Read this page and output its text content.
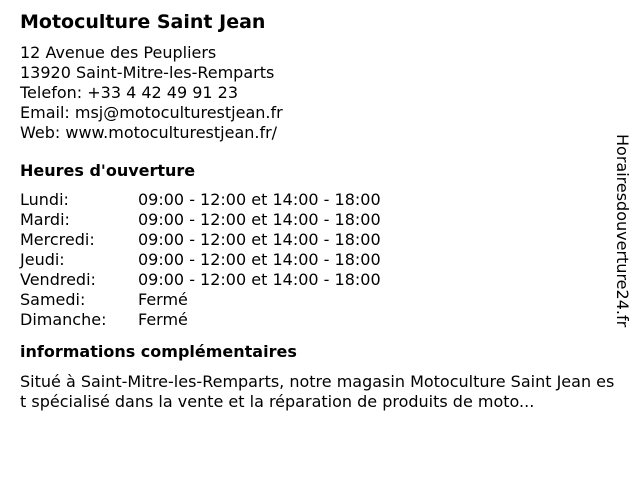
Motoculture Saint Jean
12 Avenue des Peupliers
13920 Saint-Mitre-les-Remparts
Telefon: +33 4 42 49 91 23
Email: msj@motoculturestjean.fr
Web: www.motoculturestjean.fr/
Heures d'ouverture
Lundi:	09:00 - 12:00 et 14:00 - 18:00
Mardi:	09:00 - 12:00 et 14:00 - 18:00
Mercredi:	09:00 - 12:00 et 14:00 - 18:00
Jeudi:	09:00 - 12:00 et 14:00 - 18:00
Vendredi:	09:00 - 12:00 et 14:00 - 18:00
Samedi:	Fermé
Dimanche:	Fermé
informations complémentaires
Situé à Saint-Mitre-les-Remparts, notre magasin Motoculture Saint Jean est spécialisé dans la vente et la réparation de produits de moto...
Horairesdouverture24.fr
